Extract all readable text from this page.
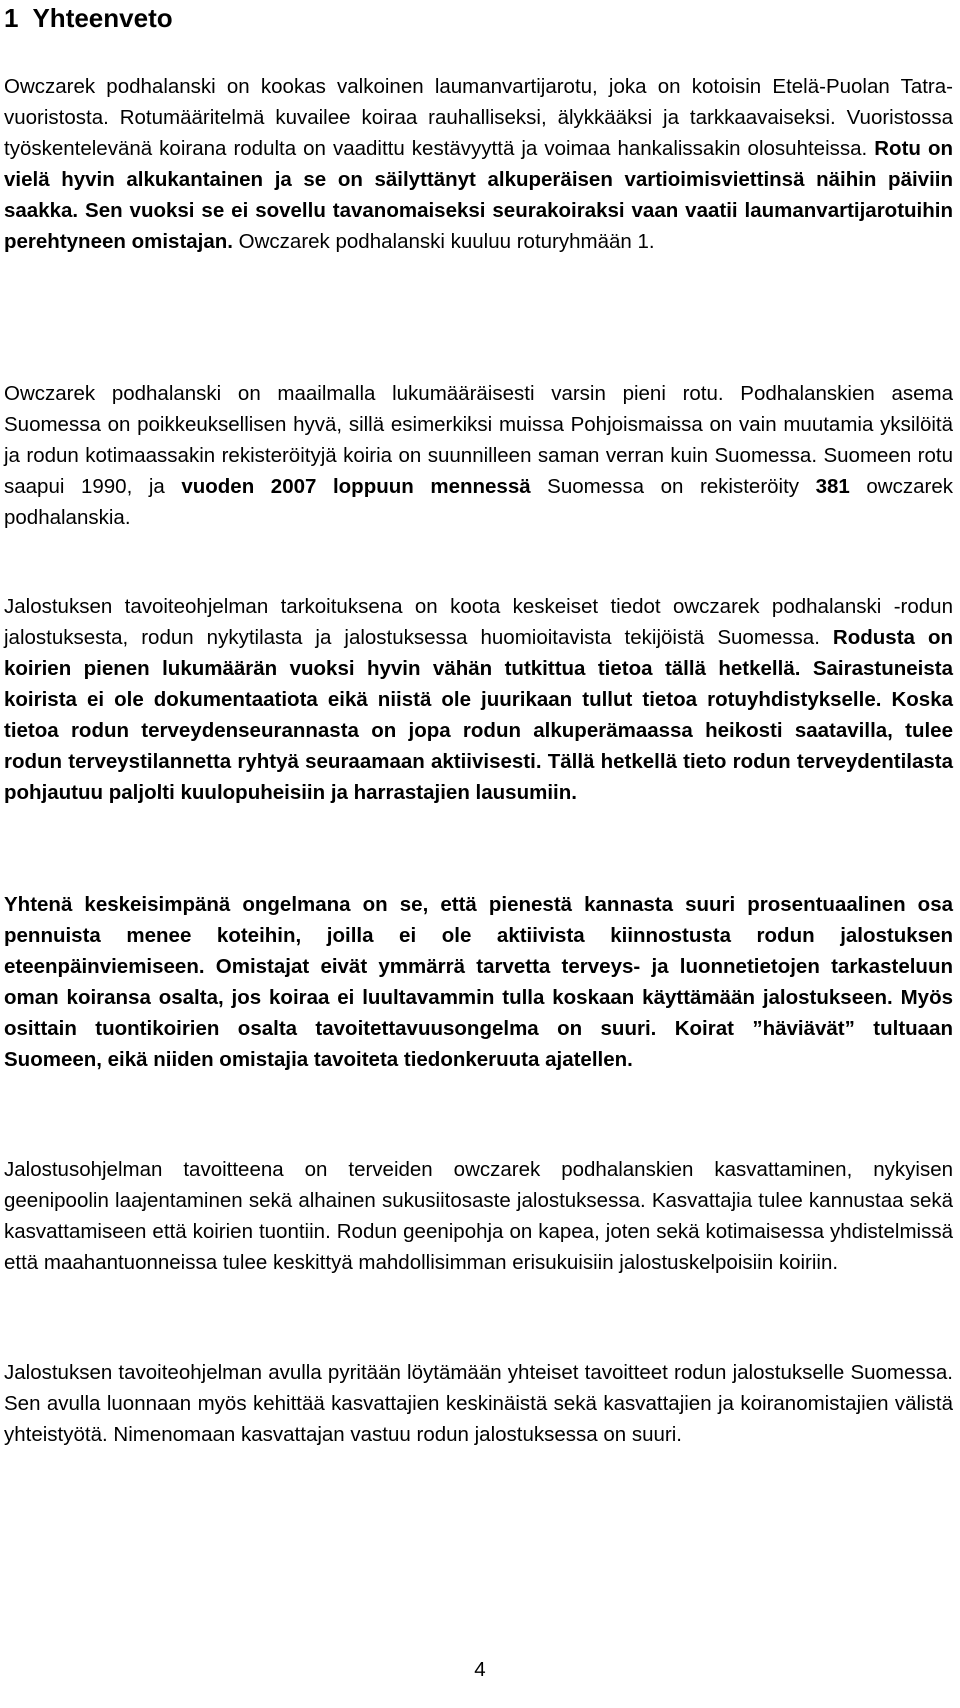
1 Yhteenveto

Owczarek podhalanski on kookas valkoinen laumanvartijarotu, joka on kotoisin Etelä-Puolan Tatra-vuoristosta. Rotumääritelmä kuvailee koiraa rauhalliseksi, älykkääksi ja tarkkaavaiseksi. Vuoristossa työskentelevänä koirana rodulta on vaadittu kestävyyttä ja voimaa hankalissakin olosuhteissa. Rotu on vielä hyvin alkukantainen ja se on säilyttänyt alkuperäisen vartioimisviettinsä näihin päiviin saakka. Sen vuoksi se ei sovellu tavanomaiseksi seurakoiraksi vaan vaatii laumanvartijarotuihin perehtyneen omistajan. Owczarek podhalanski kuuluu roturyhmään 1.

Owczarek podhalanski on maailmalla lukumääräisesti varsin pieni rotu. Podhalanskien asema Suomessa on poikkeuksellisen hyvä, sillä esimerkiksi muissa Pohjoismaissa on vain muutamia yksilöitä ja rodun kotimaassakin rekisteröityjä koiria on suunnilleen saman verran kuin Suomessa. Suomeen rotu saapui 1990, ja vuoden 2007 loppuun mennessä Suomessa on rekisteröity 381 owczarek podhalanskia.

Jalostuksen tavoiteohjelman tarkoituksena on koota keskeiset tiedot owczarek podhalanski -rodun jalostuksesta, rodun nykytilasta ja jalostuksessa huomioitavista tekijöistä Suomessa. Rodusta on koirien pienen lukumäärän vuoksi hyvin vähän tutkittua tietoa tällä hetkellä. Sairastuneista koirista ei ole dokumentaatiota eikä niistä ole juurikaan tullut tietoa rotuyhdistykselle. Koska tietoa rodun terveydenseurannasta on jopa rodun alkuperämaassa heikosti saatavilla, tulee rodun terveystilannetta ryhtyä seuraamaan aktiivisesti. Tällä hetkellä tieto rodun terveydentilasta pohjautuu paljolti kuulopuheisiin ja harrastajien lausumiin.

Yhtenä keskeisimpänä ongelmana on se, että pienestä kannasta suuri prosentuaalinen osa pennuista menee koteihin, joilla ei ole aktiivista kiinnostusta rodun jalostuksen eteenpäinviemiseen. Omistajat eivät ymmärrä tarvetta terveys- ja luonnetietojen tarkasteluun oman koiransa osalta, jos koiraa ei luultavammin tulla koskaan käyttämään jalostukseen. Myös osittain tuontikoirien osalta tavoitettavuusongelma on suuri. Koirat ”häviävät” tultuaan Suomeen, eikä niiden omistajia tavoiteta tiedonkeruuta ajatellen.

Jalostusohjelman tavoitteena on terveiden owczarek podhalanskien kasvattaminen, nykyisen geenipoolin laajentaminen sekä alhainen sukusiitosaste jalostuksessa. Kasvattajia tulee kannustaa sekä kasvattamiseen että koirien tuontiin. Rodun geenipohja on kapea, joten sekä kotimaisessa yhdistelmissä että maahantuonneissa tulee keskittyä mahdollisimman erisukuisiin jalostuskelpoisiin koiriin.

Jalostuksen tavoiteohjelman avulla pyritään löytämään yhteiset tavoitteet rodun jalostukselle Suomessa. Sen avulla luonnaan myös kehittää kasvattajien keskinäistä sekä kasvattajien ja koiranomistajien välistä yhteistyötä. Nimenomaan kasvattajan vastuu rodun jalostuksessa on suuri.

4
